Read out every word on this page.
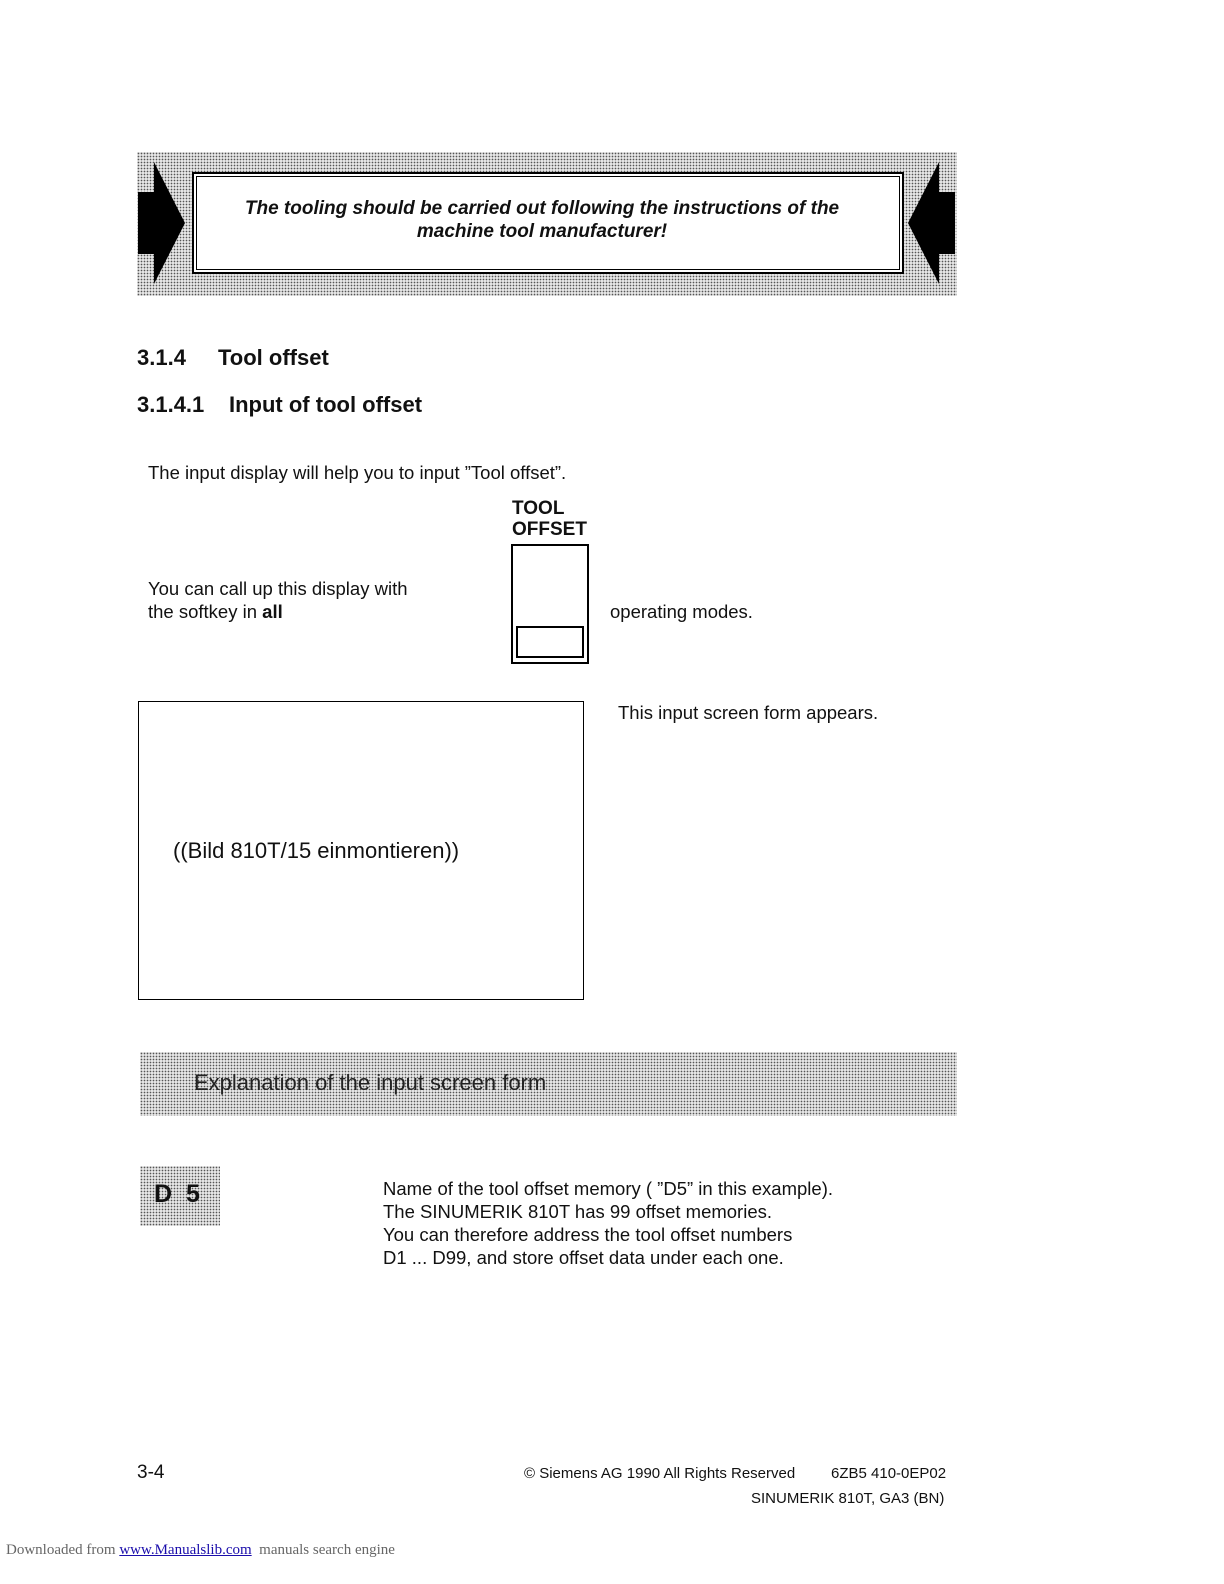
The tooling should be carried out following the instructions of the
machine tool manufacturer!
3.1.4 Tool offset
3.1.4.1 Input of tool offset
The input display will help you to input ”Tool offset”.
TOOL
OFFSET
You can call up this display with
the softkey in all	operating modes.
((Bild 810T/15 einmontieren))
This input screen form appears.
Explanation of the input screen form
D  5	Name of the tool offset memory ( ”D5” in this example).
The SINUMERIK 810T has 99 offset memories.
You can therefore address the tool offset numbers
D1 ... D99, and store offset data under each one.
3-4	© Siemens AG 1990 All Rights Reserved 6ZB5 410-0EP02
SINUMERIK 810T, GA3 (BN)
Downloaded from www.Manualslib.com  manuals search engine
